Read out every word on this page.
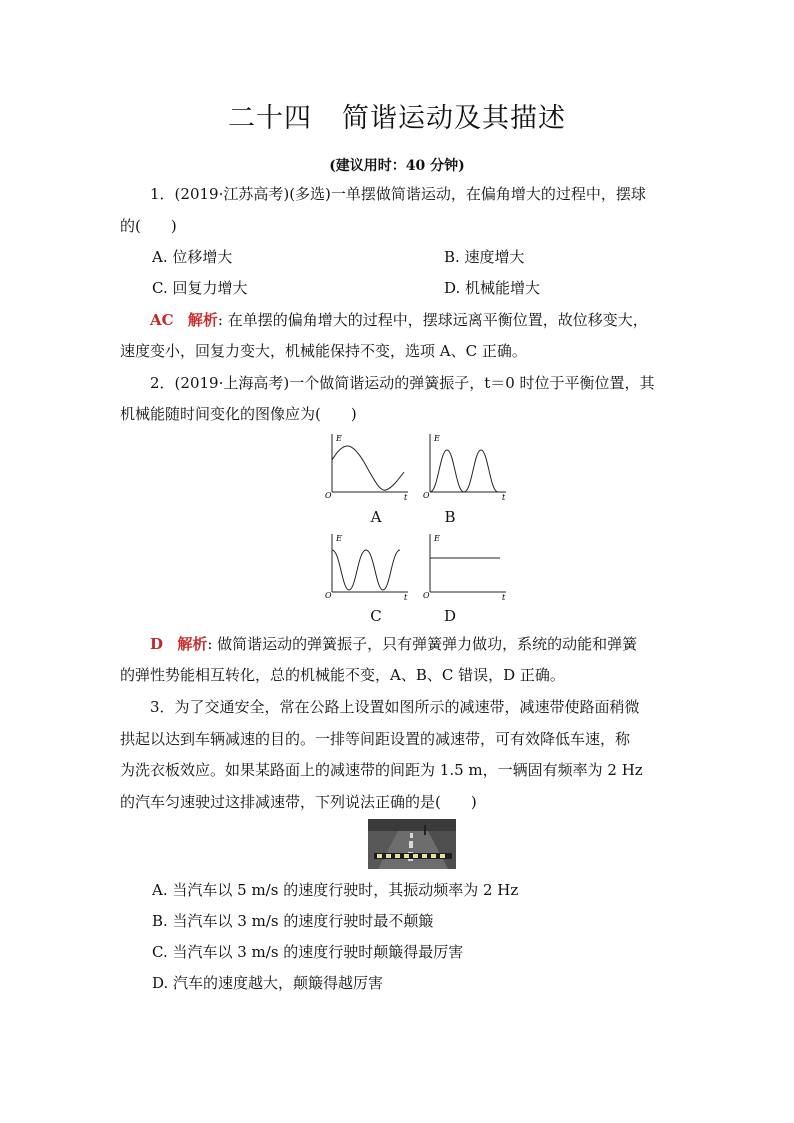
二十四 简谐运动及其描述
(建议用时：40 分钟)
1．(2019·江苏高考)(多选)一单摆做简谐运动，在偏角增大的过程中，摆球
的(　　)
A. 位移增大	B. 速度增大
C. 回复力增大	D. 机械能增大
AC 解析: 在单摆的偏角增大的过程中，摆球远离平衡位置，故位移变大，
速度变小，回复力变大，机械能保持不变，选项 A、C 正确。
2．(2019·上海高考)一个做简谐运动的弹簧振子，t＝0 时位于平衡位置，其
机械能随时间变化的图像应为(　　)
E
O	t
E
O	t
A	B
E
O	t
E
O	t
C	D
D 解析: 做简谐运动的弹簧振子，只有弹簧弹力做功，系统的动能和弹簧
的弹性势能相互转化，总的机械能不变，A、B、C 错误，D 正确。
3．为了交通安全，常在公路上设置如图所示的减速带，减速带使路面稍微
拱起以达到车辆减速的目的。一排等间距设置的减速带，可有效降低车速，称
为洗衣板效应。如果某路面上的减速带的间距为 1.5 m，一辆固有频率为 2 Hz
的汽车匀速驶过这排减速带，下列说法正确的是(　　)
A. 当汽车以 5 m/s 的速度行驶时，其振动频率为 2 Hz
B. 当汽车以 3 m/s 的速度行驶时最不颠簸
C. 当汽车以 3 m/s 的速度行驶时颠簸得最厉害
D. 汽车的速度越大，颠簸得越厉害
